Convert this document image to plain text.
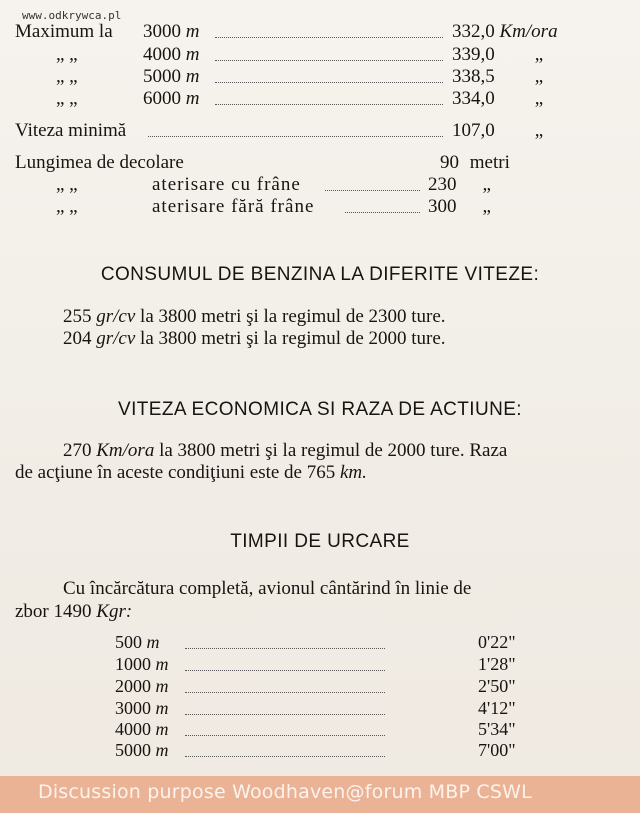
www.odkrywca.pl
Maximum la 3000 m	332,0 Km/ora
„ „	4000 m	339,0 „
„ „	5000 m	338,5 „
„ „	6000 m	334,0 „
Viteza minimă	107,0 „
Lungimea de decolare	90 metri
„ „	aterisare cu frâne	230 „
„ „	aterisare fără frâne	300 „
CONSUMUL DE BENZINA LA DIFERITE VITEZE:
255 gr/cv la 3800 metri şi la regimul de 2300 ture.
204 gr/cv la 3800 metri şi la regimul de 2000 ture.
VITEZA ECONOMICA SI RAZA DE ACTIUNE:
270 Km/ora la 3800 metri şi la regimul de 2000 ture. Raza
de acţiune în aceste condiţiuni este de 765 km.
TIMPII DE URCARE
Cu încărcătura completă, avionul cântărind în linie de
zbor 1490 Kgr:
500 m	0'22"
1000 m	1'28"
2000 m	2'50"
3000 m	4'12"
4000 m	5'34"
5000 m	7'00"
Discussion purpose Woodhaven@forum MBP CSWL
